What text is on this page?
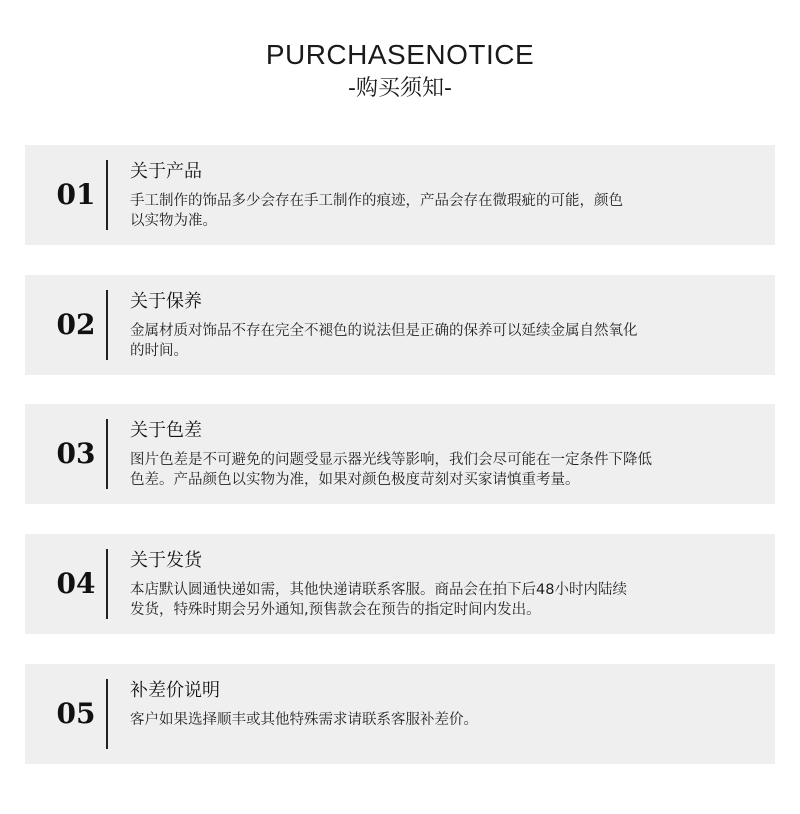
PURCHASENOTICE
-购买须知-
01
关于产品
手工制作的饰品多少会存在手工制作的痕迹，产品会存在微瑕疵的可能，颜色
以实物为准。
02
关于保养
金属材质对饰品不存在完全不褪色的说法但是正确的保养可以延续金属自然氧化
的时间。
03
关于色差
图片色差是不可避免的问题受显示器光线等影响，我们会尽可能在一定条件下降低
色差。产品颜色以实物为准，如果对颜色极度苛刻对买家请慎重考量。
04
关于发货
本店默认圆通快递如需，其他快递请联系客服。商品会在拍下后48小时内陆续
发货，特殊时期会另外通知,预售款会在预告的指定时间内发出。
05
补差价说明
客户如果选择顺丰或其他特殊需求请联系客服补差价。
